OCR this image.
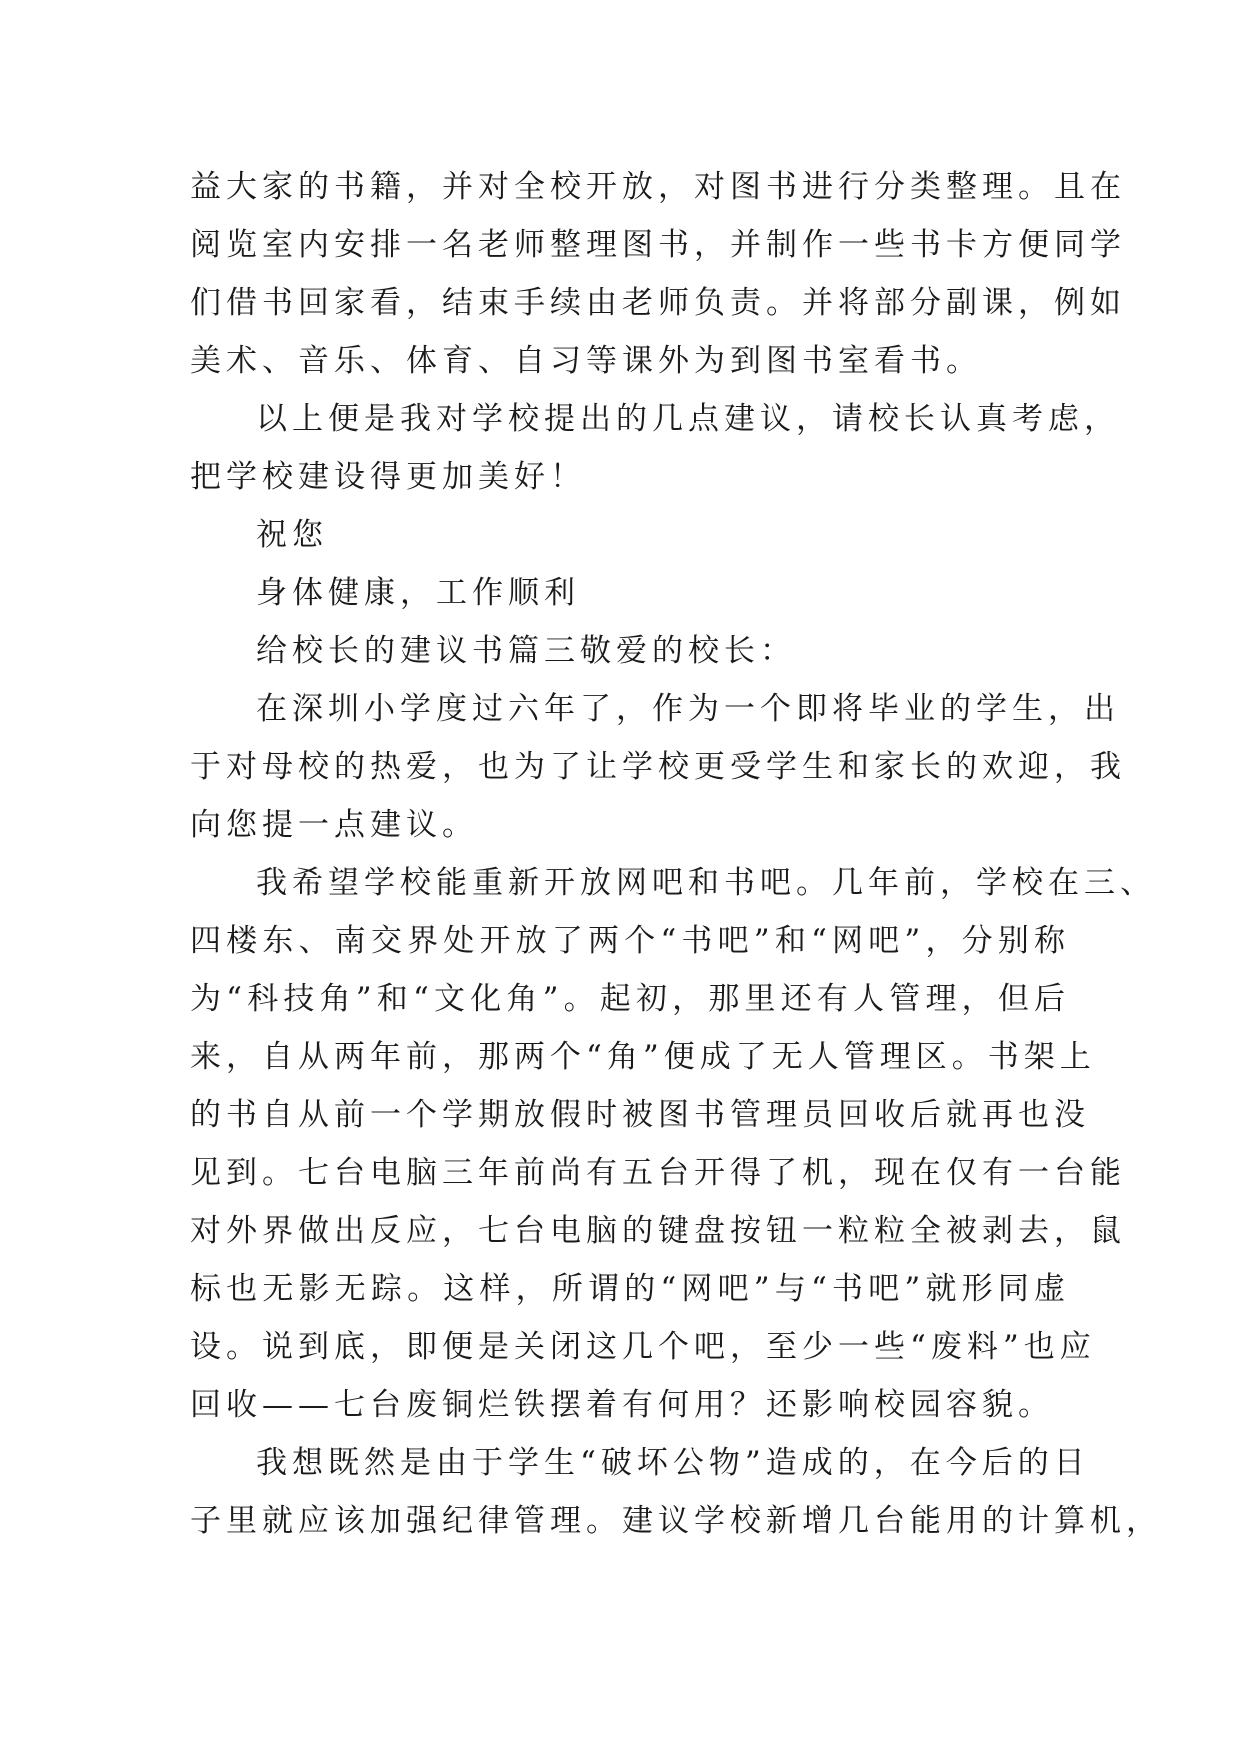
益大家的书籍，并对全校开放，对图书进行分类整理。且在

阅览室内安排一名老师整理图书，并制作一些书卡方便同学

们借书回家看，结束手续由老师负责。并将部分副课，例如

美术、音乐、体育、自习等课外为到图书室看书。

以上便是我对学校提出的几点建议，请校长认真考虑，

把学校建设得更加美好！

祝您

身体健康，工作顺利

给校长的建议书篇三敬爱的校长：

在深圳小学度过六年了，作为一个即将毕业的学生，出

于对母校的热爱，也为了让学校更受学生和家长的欢迎，我

向您提一点建议。

我希望学校能重新开放网吧和书吧。几年前，学校在三、

四楼东、南交界处开放了两个“书吧”和“网吧”，分别称

为“科技角”和“文化角”。起初，那里还有人管理，但后

来，自从两年前，那两个“角”便成了无人管理区。书架上

的书自从前一个学期放假时被图书管理员回收后就再也没

见到。七台电脑三年前尚有五台开得了机，现在仅有一台能

对外界做出反应，七台电脑的键盘按钮一粒粒全被剥去，鼠

标也无影无踪。这样，所谓的“网吧”与“书吧”就形同虚

设。说到底，即便是关闭这几个吧，至少一些“废料”也应

回收——七台废铜烂铁摆着有何用？还影响校园容貌。

我想既然是由于学生“破坏公物”造成的，在今后的日

子里就应该加强纪律管理。建议学校新增几台能用的计算机，
